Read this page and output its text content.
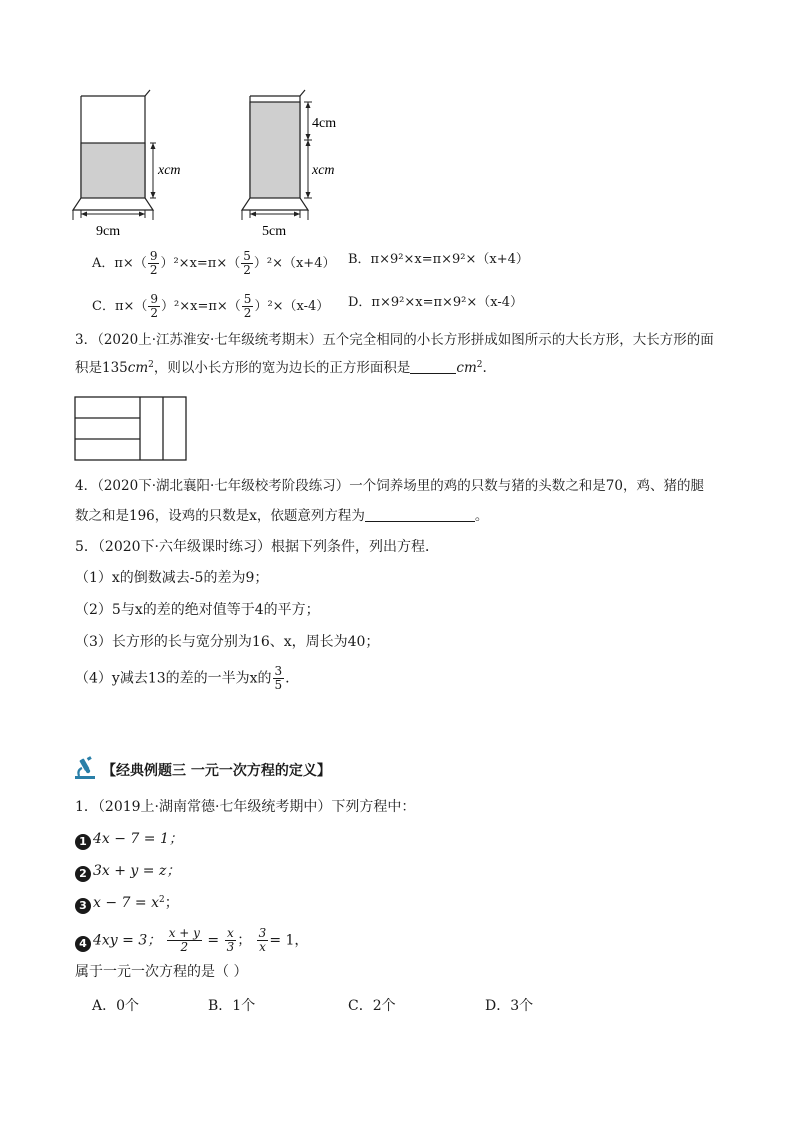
xcm
9cm
4cm
xcm
5cm
A．$\pi\times( \frac{9}{2} )^2\times x=\pi\times( \frac{5}{2} )^2\times(x+4)$ B．π×9²×x=π×9²×（x+4）
C．$\pi\times( \frac{9}{2} )^2\times x=\pi\times( \frac{5}{2} )^2\times(x-4)$ D．π×9²×x=π×9²×（x-4）
3．（2020上·江苏淮安·七年级统考期末）五个完全相同的小长方形拼成如图所示的大长方形，大长方形的面
积是$135cm^2$，则以小长方形的宽为边长的正方形面积是	$cm^2$.
4．（2020下·湖北襄阳·七年级校考阶段练习）一个饲养场里的鸡的只数与猪的头数之和是70，鸡、猪的腿
数之和是196，设鸡的只数是x，依题意列方程为	。
5．（2020下·六年级课时练习）根据下列条件，列出方程．
（1）x的倒数减去-5的差为9；
（2）5与x的差的绝对值等于4的平方；
（3）长方形的长与宽分别为16、x，周长为40；
（4）y减去13的差的一半为x的 $\frac{3}{5}$ .
【经典例题三 一元一次方程的定义】
1．（2019上·湖南常德·七年级统考期中）下列方程中：
1 4x − 7 = 1；
2 3x + y = z；
3 $x - 7 = x^2$；
4 4xy = 3； $\frac{x + y}{2} = \frac{x}{3}$ ； $\frac{3}{x} = 1$，
属于一元一次方程的是（ ）
A．0个	B．1个	C．2个	D．3个
